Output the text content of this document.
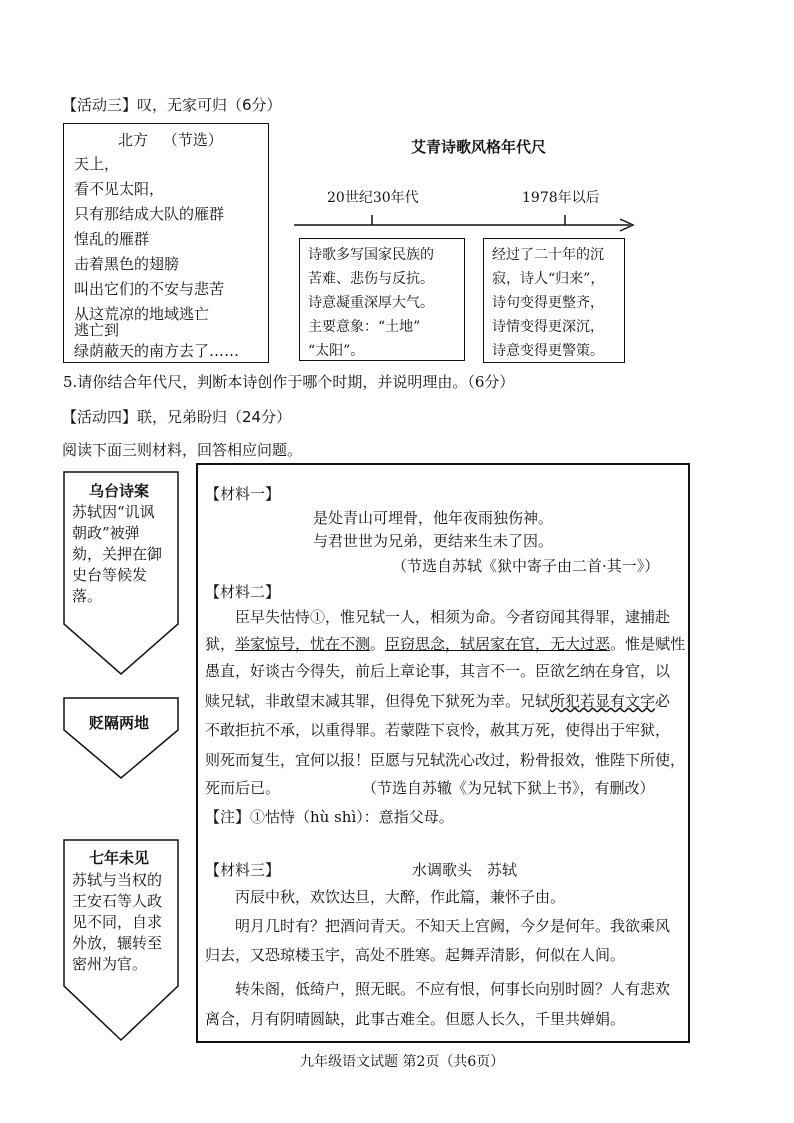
【活动三】叹，无家可归（6分）
北方 （节选）
天上，
看不见太阳，
只有那结成大队的雁群
惶乱的雁群
击着黑色的翅膀
叫出它们的不安与悲苦
从这荒凉的地域逃亡
逃亡到
绿荫蔽天的南方去了……
艾青诗歌风格年代尺
20世纪30年代	1978年以后
诗歌多写国家民族的
苦难、悲伤与反抗。
诗意凝重深厚大气。
主要意象：“土地”
“太阳”。
经过了二十年的沉
寂，诗人“归来”，
诗句变得更整齐，
诗情变得更深沉，
诗意变得更警策。
5.请你结合年代尺，判断本诗创作于哪个时期，并说明理由。（6分）
【活动四】联，兄弟盼归（24分）
阅读下面三则材料，回答相应问题。
乌台诗案
苏轼因“讥讽
朝政”被弹
劾，关押在御
史台等候发
落。
贬隔两地
七年未见
苏轼与当权的
王安石等人政
见不同，自求
外放，辗转至
密州为官。
【材料一】
是处青山可埋骨，他年夜雨独伤神。
与君世世为兄弟，更结来生未了因。
（节选自苏轼《狱中寄子由二首·其一》）
【材料二】
臣早失怙恃①，惟兄轼一人，相须为命。今者窃闻其得罪，逮捕赴
狱，举家惊号，忧在不测。臣窃思念，轼居家在官，无大过恶。惟是赋性
愚直，好谈古今得失，前后上章论事，其言不一。臣欲乞纳在身官，以
赎兄轼，非敢望末减其罪，但得免下狱死为幸。兄轼所犯若显有文字必
不敢拒抗不承，以重得罪。若蒙陛下哀怜，赦其万死，使得出于牢狱，
则死而复生，宜何以报！臣愿与兄轼洗心改过，粉骨报效，惟陛下所使，
死而后已。	（节选自苏辙《为兄轼下狱上书》，有删改）
【注】①怙恃（hù shì）：意指父母。
【材料三】	水调歌头　苏轼
丙辰中秋，欢饮达旦，大醉，作此篇，兼怀子由。
明月几时有？把酒问青天。不知天上宫阙，今夕是何年。我欲乘风
归去，又恐琼楼玉宇，高处不胜寒。起舞弄清影，何似在人间。
转朱阁，低绮户，照无眠。不应有恨，何事长向别时圆？人有悲欢
离合，月有阴晴圆缺，此事古难全。但愿人长久，千里共婵娟。
九年级语文试题 第2页（共6页）
